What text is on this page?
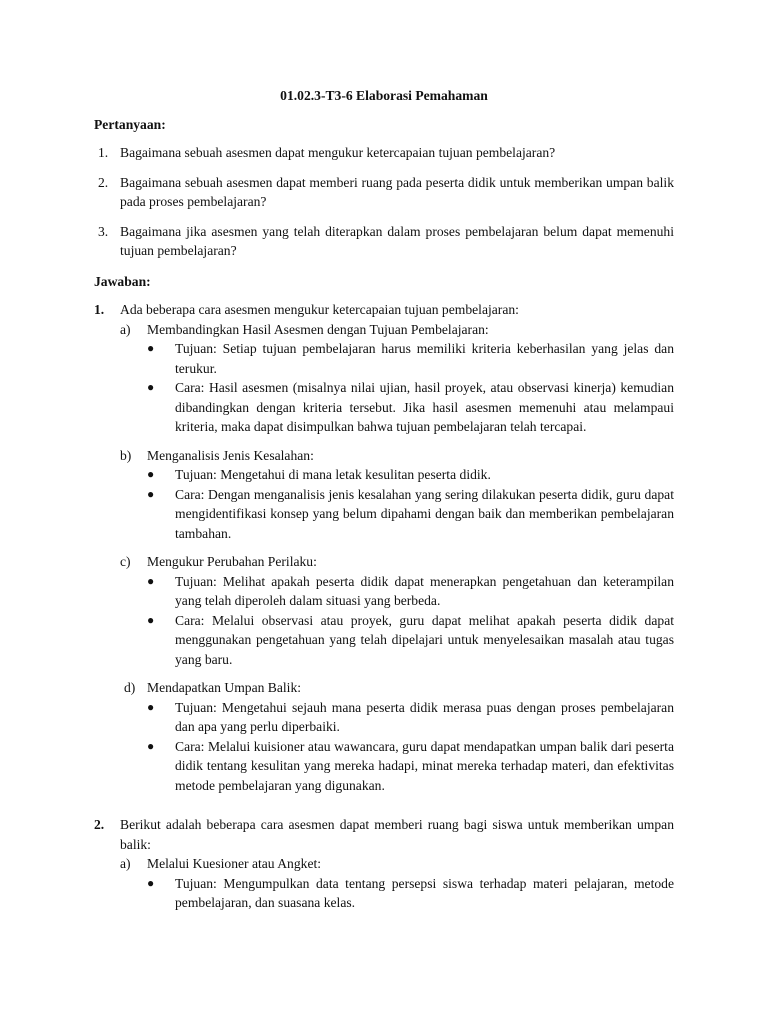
01.02.3-T3-6 Elaborasi Pemahaman
Pertanyaan:
1. Bagaimana sebuah asesmen dapat mengukur ketercapaian tujuan pembelajaran?
2. Bagaimana sebuah asesmen dapat memberi ruang pada peserta didik untuk memberikan umpan balik pada proses pembelajaran?
3. Bagaimana jika asesmen yang telah diterapkan dalam proses pembelajaran belum dapat memenuhi tujuan pembelajaran?
Jawaban:
1.	Ada beberapa cara asesmen mengukur ketercapaian tujuan pembelajaran:
a)	Membandingkan Hasil Asesmen dengan Tujuan Pembelajaran:
●	Tujuan: Setiap tujuan pembelajaran harus memiliki kriteria keberhasilan yang jelas dan terukur.
●	Cara: Hasil asesmen (misalnya nilai ujian, hasil proyek, atau observasi kinerja) kemudian dibandingkan dengan kriteria tersebut. Jika hasil asesmen memenuhi atau melampaui kriteria, maka dapat disimpulkan bahwa tujuan pembelajaran telah tercapai.
b)	Menganalisis Jenis Kesalahan:
●	Tujuan: Mengetahui di mana letak kesulitan peserta didik.
●	Cara: Dengan menganalisis jenis kesalahan yang sering dilakukan peserta didik, guru dapat mengidentifikasi konsep yang belum dipahami dengan baik dan memberikan pembelajaran tambahan.
c)	Mengukur Perubahan Perilaku:
●	Tujuan: Melihat apakah peserta didik dapat menerapkan pengetahuan dan keterampilan yang telah diperoleh dalam situasi yang berbeda.
●	Cara: Melalui observasi atau proyek, guru dapat melihat apakah peserta didik dapat menggunakan pengetahuan yang telah dipelajari untuk menyelesaikan masalah atau tugas yang baru.
d) Mendapatkan Umpan Balik:
●	Tujuan: Mengetahui sejauh mana peserta didik merasa puas dengan proses pembelajaran dan apa yang perlu diperbaiki.
●	Cara: Melalui kuisioner atau wawancara, guru dapat mendapatkan umpan balik dari peserta didik tentang kesulitan yang mereka hadapi, minat mereka terhadap materi, dan efektivitas metode pembelajaran yang digunakan.
2.	Berikut adalah beberapa cara asesmen dapat memberi ruang bagi siswa untuk memberikan umpan balik:
a)	Melalui Kuesioner atau Angket:
●	Tujuan: Mengumpulkan data tentang persepsi siswa terhadap materi pelajaran, metode pembelajaran, dan suasana kelas.
